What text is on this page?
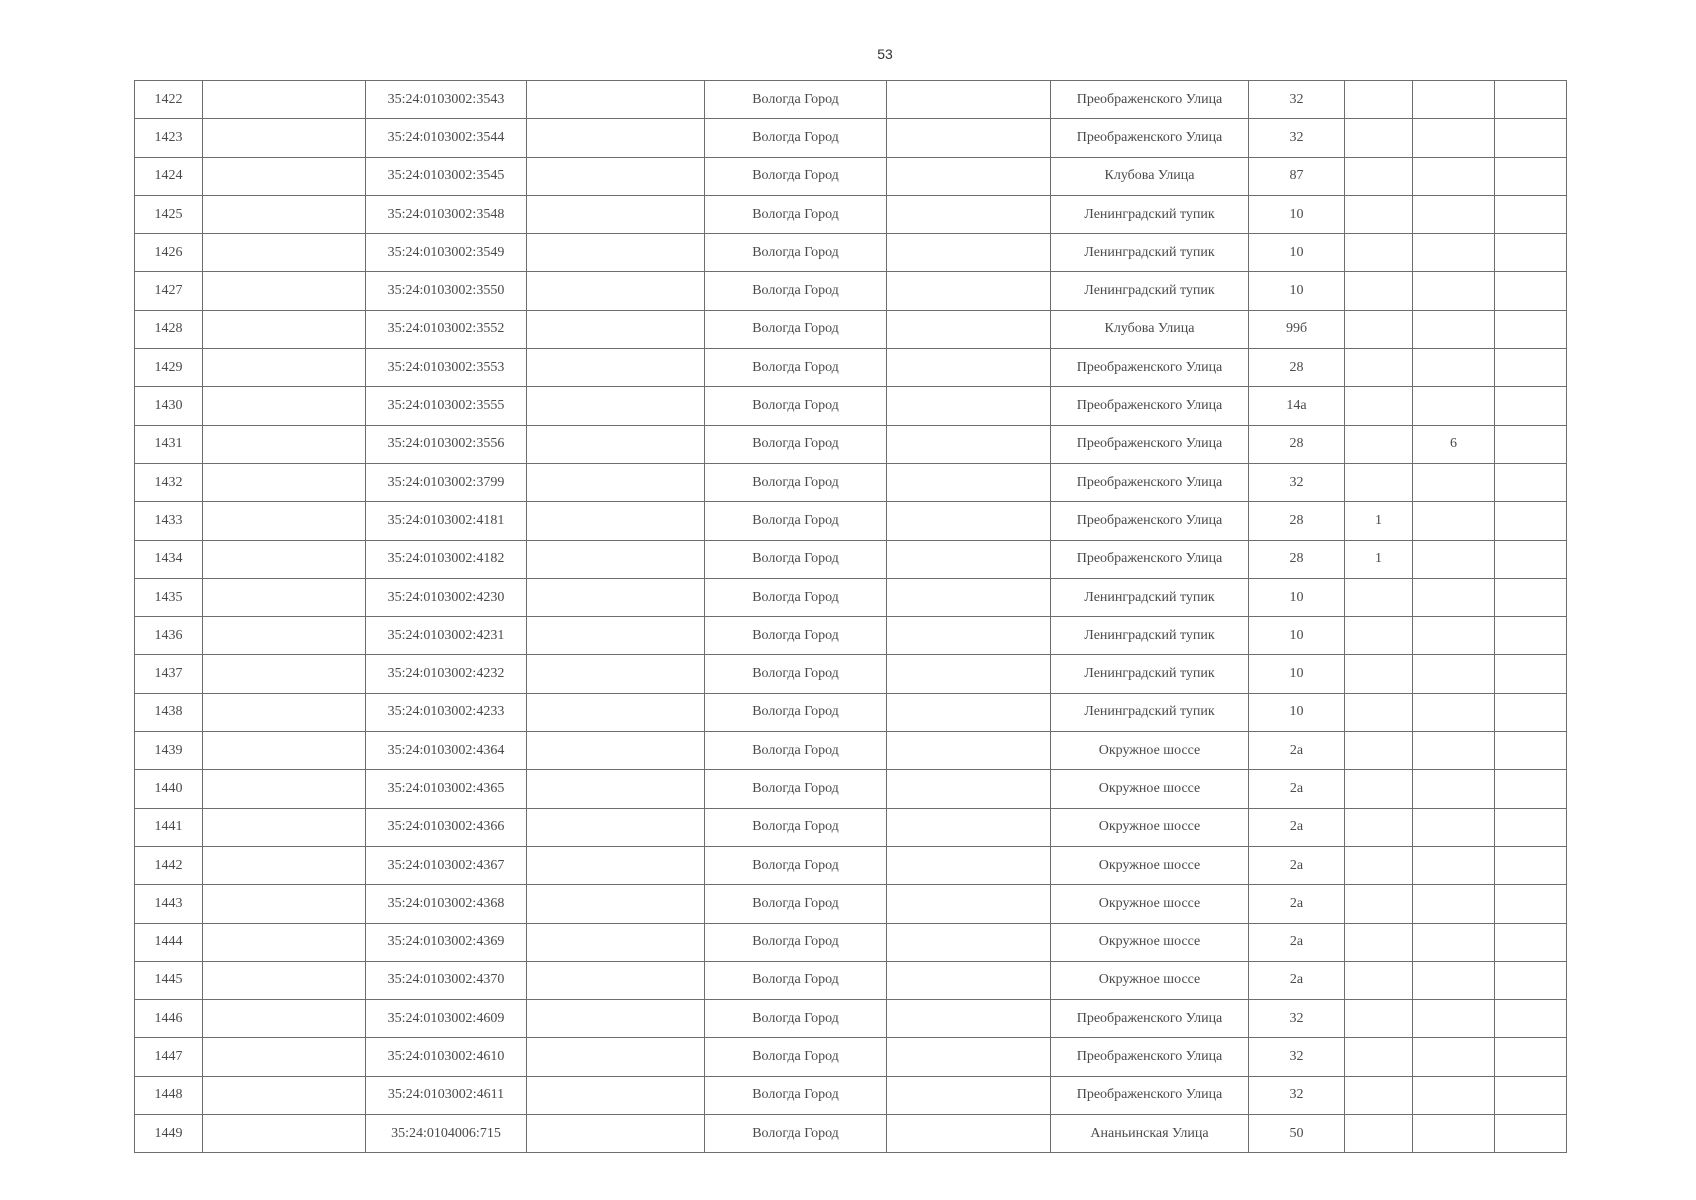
53
1422		35:24:0103002:3543		Вологда Город		Преображенского Улица	32			
1423		35:24:0103002:3544		Вологда Город		Преображенского Улица	32			
1424		35:24:0103002:3545		Вологда Город		Клубова Улица	87			
1425		35:24:0103002:3548		Вологда Город		Ленинградский тупик	10			
1426		35:24:0103002:3549		Вологда Город		Ленинградский тупик	10			
1427		35:24:0103002:3550		Вологда Город		Ленинградский тупик	10			
1428		35:24:0103002:3552		Вологда Город		Клубова Улица	99б			
1429		35:24:0103002:3553		Вологда Город		Преображенского Улица	28			
1430		35:24:0103002:3555		Вологда Город		Преображенского Улица	14а			
1431		35:24:0103002:3556		Вологда Город		Преображенского Улица	28		6	
1432		35:24:0103002:3799		Вологда Город		Преображенского Улица	32			
1433		35:24:0103002:4181		Вологда Город		Преображенского Улица	28	1		
1434		35:24:0103002:4182		Вологда Город		Преображенского Улица	28	1		
1435		35:24:0103002:4230		Вологда Город		Ленинградский тупик	10			
1436		35:24:0103002:4231		Вологда Город		Ленинградский тупик	10			
1437		35:24:0103002:4232		Вологда Город		Ленинградский тупик	10			
1438		35:24:0103002:4233		Вологда Город		Ленинградский тупик	10			
1439		35:24:0103002:4364		Вологда Город		Окружное шоссе	2а			
1440		35:24:0103002:4365		Вологда Город		Окружное шоссе	2а			
1441		35:24:0103002:4366		Вологда Город		Окружное шоссе	2а			
1442		35:24:0103002:4367		Вологда Город		Окружное шоссе	2а			
1443		35:24:0103002:4368		Вологда Город		Окружное шоссе	2а			
1444		35:24:0103002:4369		Вологда Город		Окружное шоссе	2а			
1445		35:24:0103002:4370		Вологда Город		Окружное шоссе	2а			
1446		35:24:0103002:4609		Вологда Город		Преображенского Улица	32			
1447		35:24:0103002:4610		Вологда Город		Преображенского Улица	32			
1448		35:24:0103002:4611		Вологда Город		Преображенского Улица	32			
1449		35:24:0104006:715		Вологда Город		Ананьинская Улица	50			
